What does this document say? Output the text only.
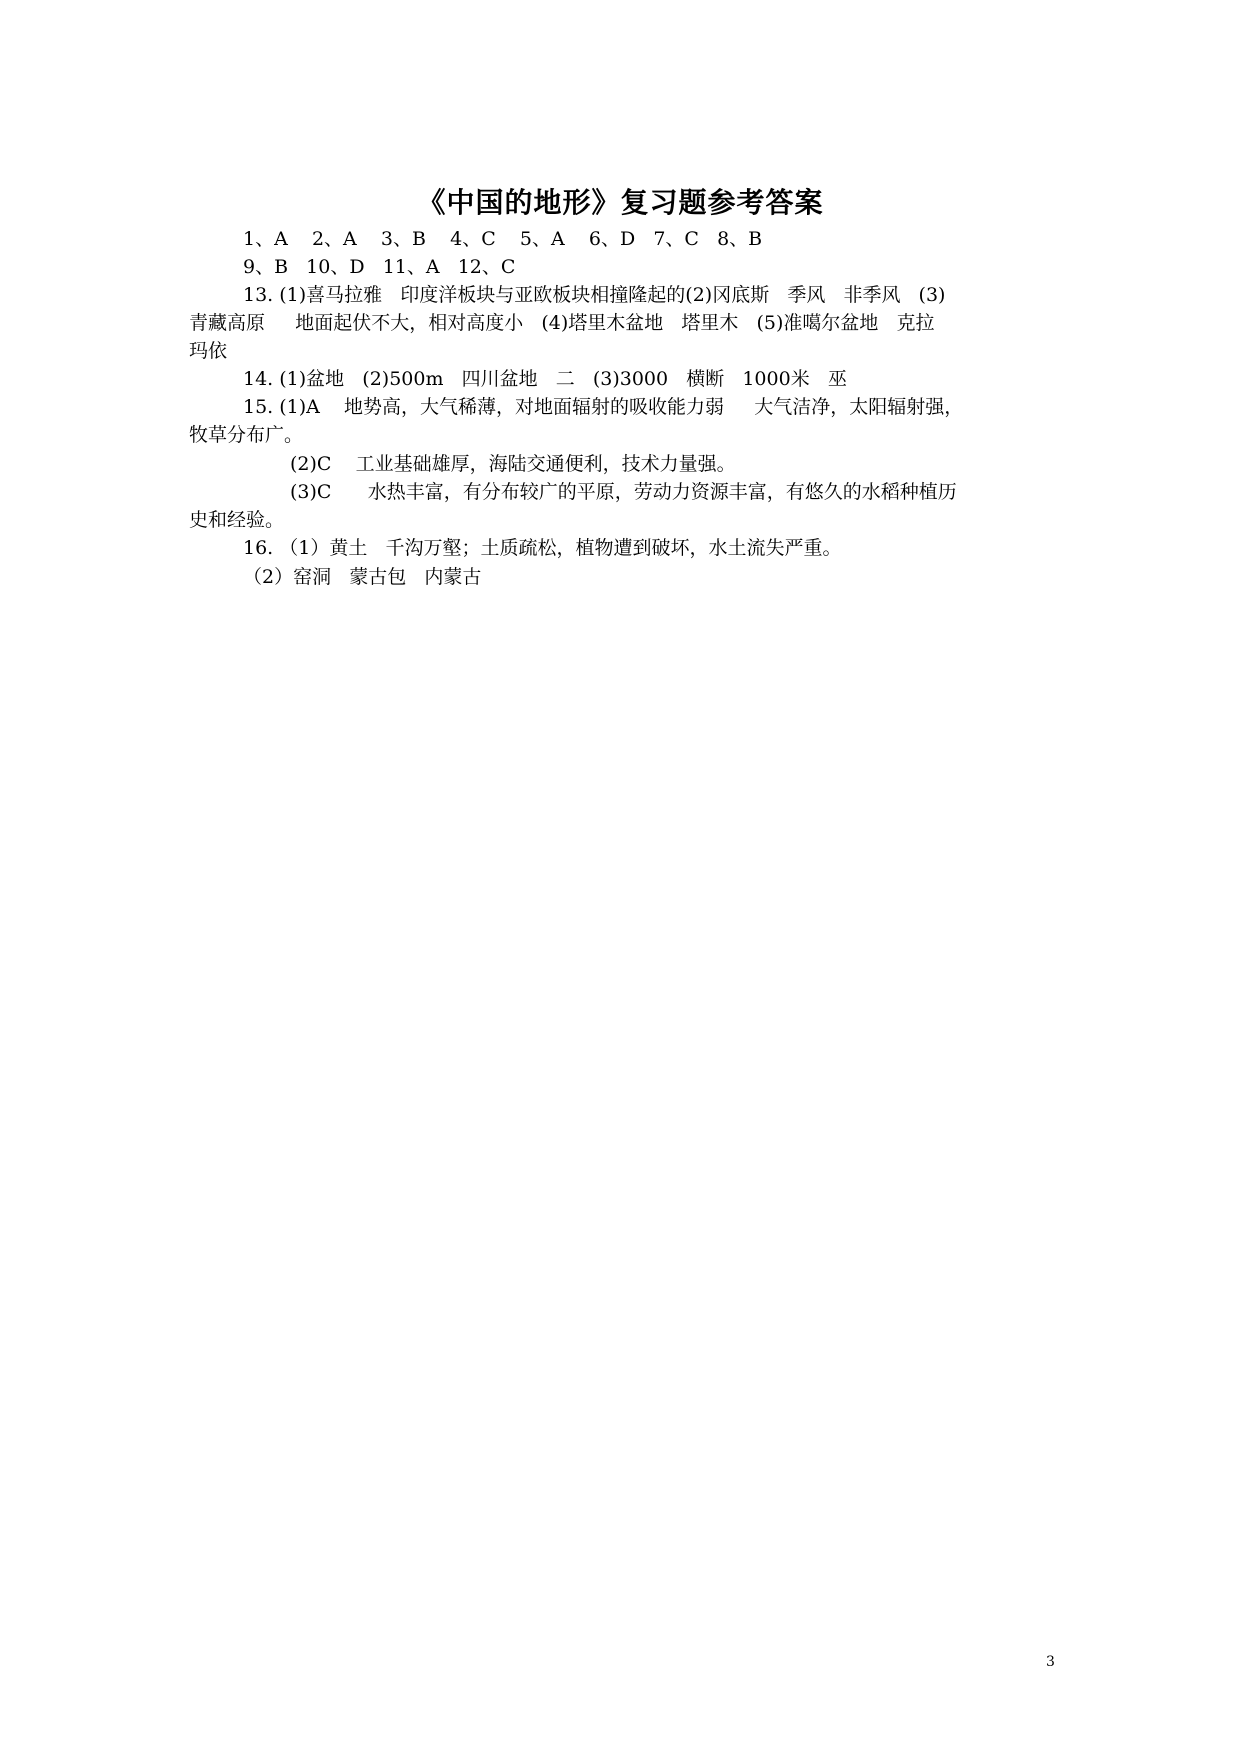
《中国的地形》复习题参考答案
1、A    2、A    3、B    4、C    5、A    6、D   7、C   8、B
9、B   10、D   11、A   12、C
13. (1)喜马拉雅   印度洋板块与亚欧板块相撞隆起的(2)冈底斯   季风   非季风   (3)
青藏高原     地面起伏不大，相对高度小   (4)塔里木盆地   塔里木   (5)准噶尔盆地   克拉
玛依
14. (1)盆地   (2)500m   四川盆地   二   (3)3000   横断   1000米   巫
15. (1)A    地势高，大气稀薄，对地面辐射的吸收能力弱     大气洁净，太阳辐射强，
牧草分布广。
(2)C    工业基础雄厚，海陆交通便利，技术力量强。
(3)C      水热丰富，有分布较广的平原，劳动力资源丰富，有悠久的水稻种植历
史和经验。
16. （1）黄土   千沟万壑；土质疏松，植物遭到破坏，水土流失严重。
（2）窑洞   蒙古包   内蒙古
3
